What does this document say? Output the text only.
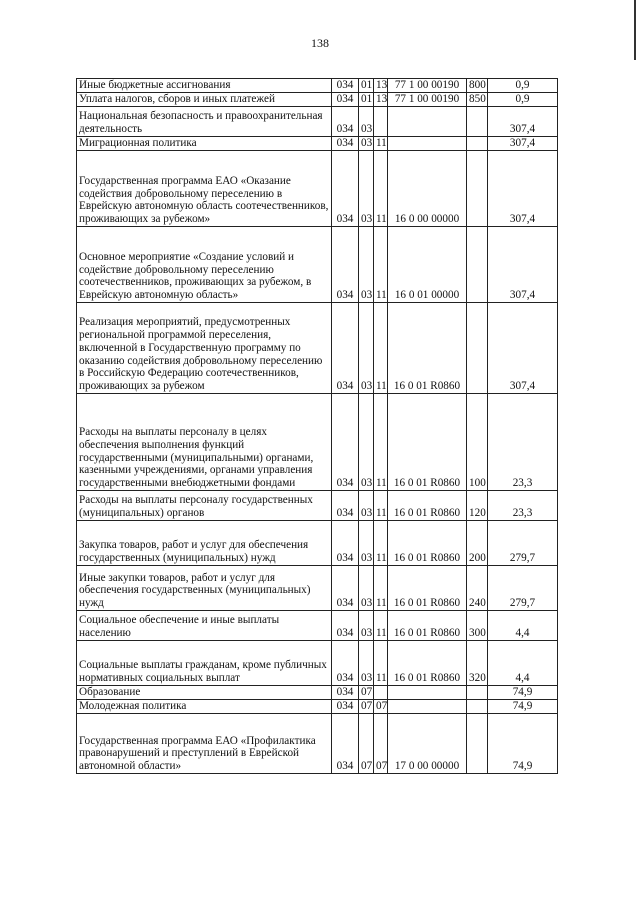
138
Иные бюджетные ассигнования	034	01	13	77 1 00 00190	800	0,9
Уплата налогов, сборов и иных платежей	034	01	13	77 1 00 00190	850	0,9
Национальная безопасность и правоохранительная деятельность	034	03				307,4
Миграционная политика	034	03	11			307,4
Государственная программа ЕАО «Оказание содействия добровольному переселению в Еврейскую автономную область соотечественников, проживающих за рубежом»	034	03	11	16 0 00 00000		307,4
Основное мероприятие «Создание условий и содействие добровольному переселению соотечественников, проживающих за рубежом, в Еврейскую автономную область»	034	03	11	16 0 01 00000		307,4
Реализация мероприятий, предусмотренных региональной программой переселения, включенной в Государственную программу по оказанию содействия добровольному переселению в Российскую Федерацию соотечественников, проживающих за рубежом	034	03	11	16 0 01 R0860		307,4
Расходы на выплаты персоналу в целях обеспечения выполнения функций государственными (муниципальными) органами, казенными учреждениями, органами управления государственными внебюджетными фондами	034	03	11	16 0 01 R0860	100	23,3
Расходы на выплаты персоналу государственных (муниципальных) органов	034	03	11	16 0 01 R0860	120	23,3
Закупка товаров, работ и услуг для обеспечения государственных (муниципальных) нужд	034	03	11	16 0 01 R0860	200	279,7
Иные закупки товаров, работ и услуг для обеспечения государственных (муниципальных) нужд	034	03	11	16 0 01 R0860	240	279,7
Социальное обеспечение и иные выплаты населению	034	03	11	16 0 01 R0860	300	4,4
Социальные выплаты гражданам, кроме публичных нормативных социальных выплат	034	03	11	16 0 01 R0860	320	4,4
Образование	034	07				74,9
Молодежная политика	034	07	07			74,9
Государственная программа ЕАО «Профилактика правонарушений и преступлений в Еврейской автономной области»	034	07	07	17 0 00 00000		74,9
